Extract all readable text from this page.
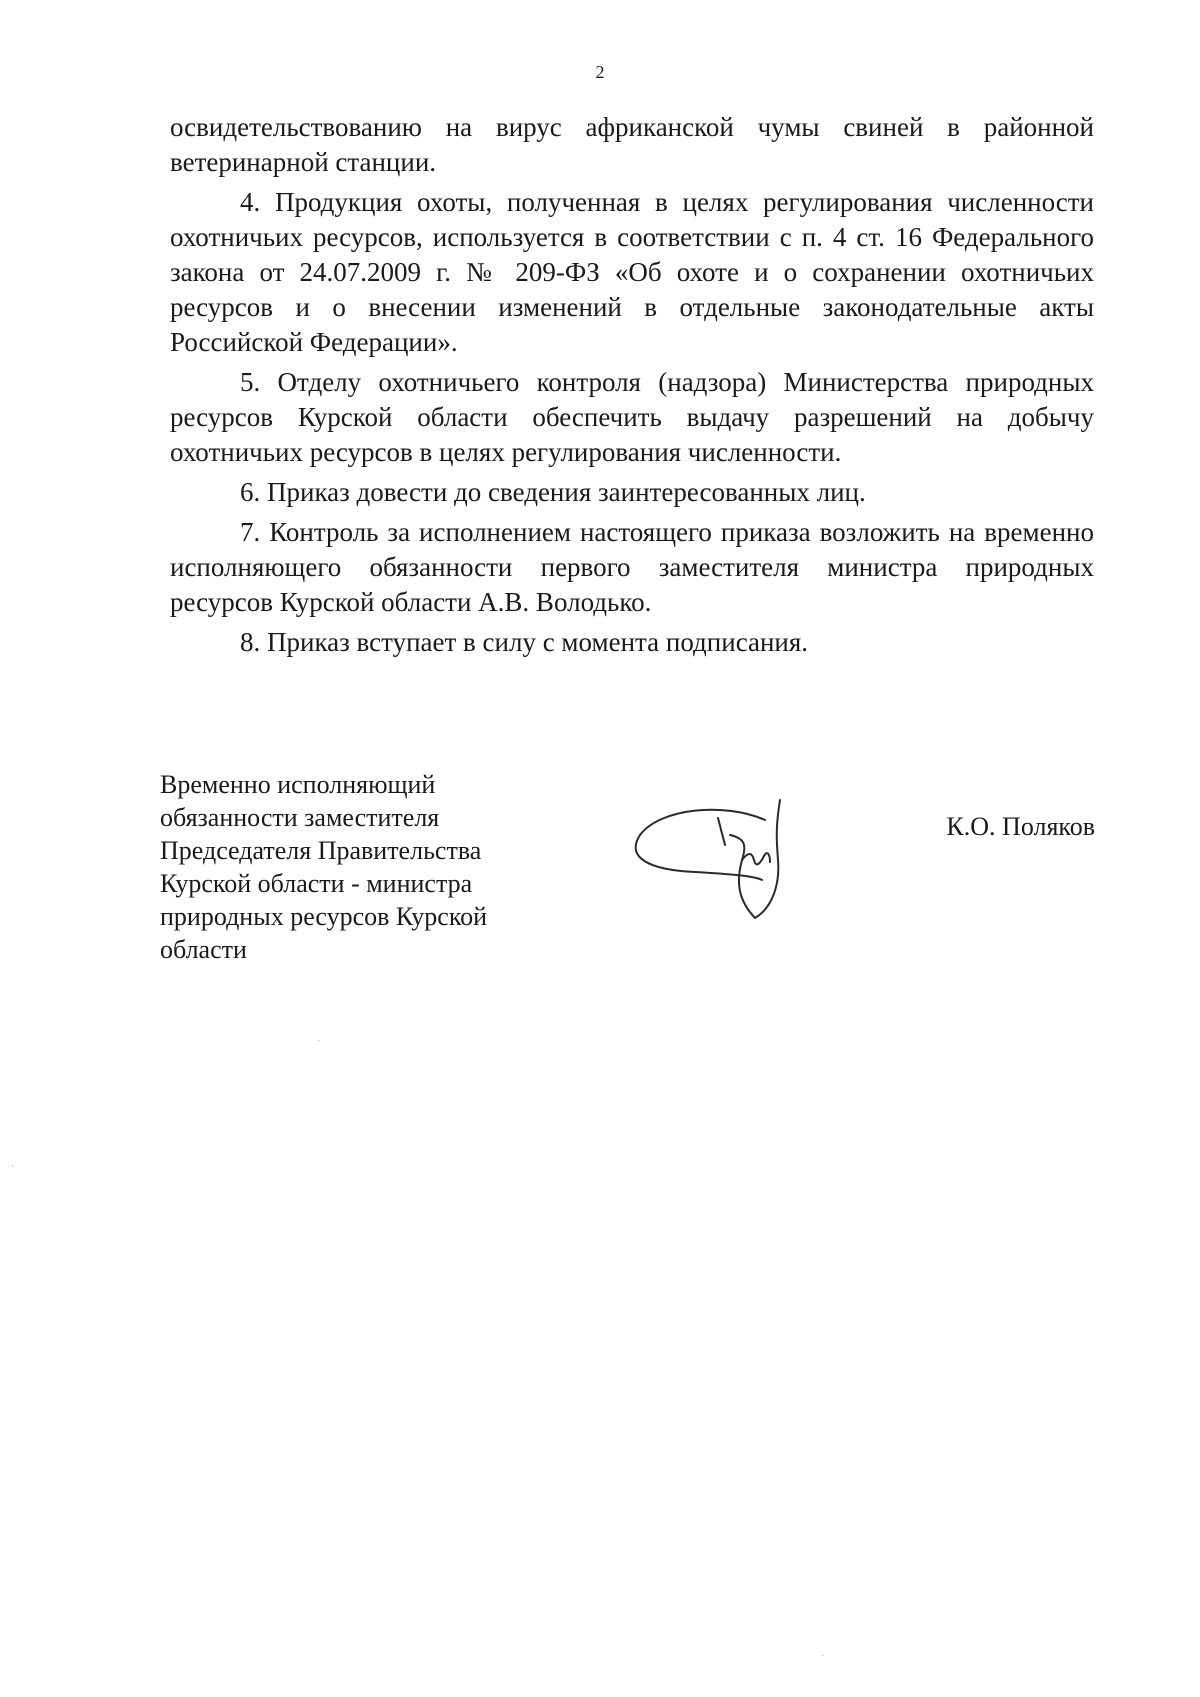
2

освидетельствованию на вирус африканской чумы свиней в районной ветеринарной станции.

4. Продукция охоты, полученная в целях регулирования численности охотничьих ресурсов, используется в соответствии с п. 4 ст. 16 Федерального закона от 24.07.2009 г. № 209-ФЗ «Об охоте и о сохранении охотничьих ресурсов и о внесении изменений в отдельные законодательные акты Российской Федерации».

5. Отделу охотничьего контроля (надзора) Министерства природных ресурсов Курской области обеспечить выдачу разрешений на добычу охотничьих ресурсов в целях регулирования численности.

6. Приказ довести до сведения заинтересованных лиц.

7. Контроль за исполнением настоящего приказа возложить на временно исполняющего обязанности первого заместителя министра природных ресурсов Курской области А.В. Володько.

8. Приказ вступает в силу с момента подписания.

Временно исполняющий
обязанности заместителя
Председателя Правительства
Курской области - министра
природных ресурсов Курской
области
К.О. Поляков
